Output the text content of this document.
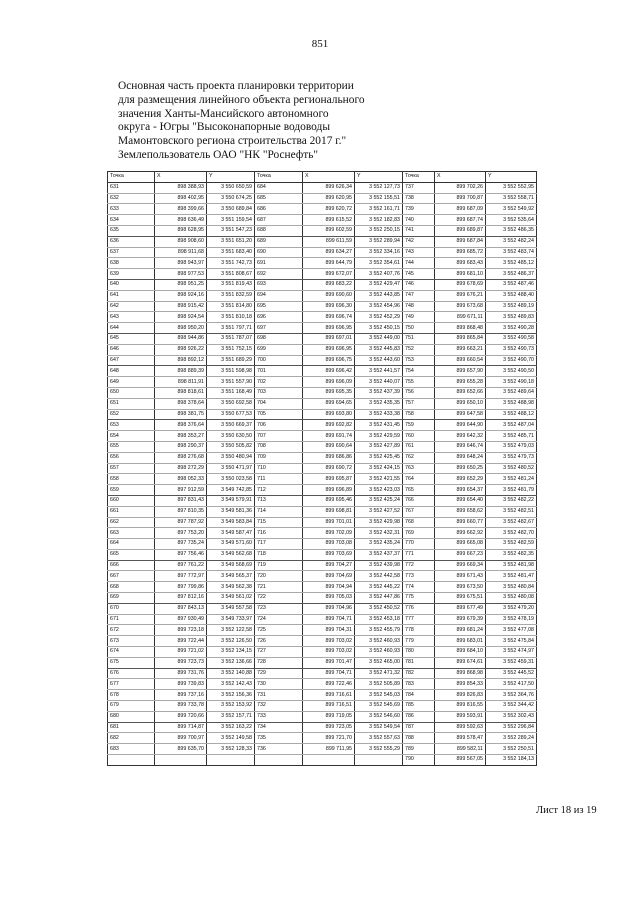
851
Основная часть проекта планировки территории
для размещения линейного объекта регионального
значения Ханты-Мансийского автономного
округа - Югры "Высоконапорные водоводы
Мамонтовского региона строительства 2017 г."
Землепользователь ОАО "НК "Роснефть"
Точка	X	Y	Точка	X	Y	Точка	X	Y
631	898 388,93	3 550 650,59	684	899 626,34	3 552 127,73	737	899 702,26	3 552 552,95
632	898 402,95	3 550 674,25	685	899 620,95	3 552 155,51	738	899 700,87	3 552 558,71
633	898 399,66	3 550 689,84	686	899 620,72	3 552 161,71	739	899 687,09	3 552 549,92
634	898 636,49	3 551 159,54	687	899 615,52	3 552 182,83	740	899 687,74	3 552 535,64
635	898 628,95	3 551 547,23	688	899 602,59	3 552 250,15	741	899 689,87	3 552 486,35
636	898 908,60	3 551 651,20	689	899 611,59	3 552 289,94	742	899 687,84	3 552 482,24
637	898 911,68	3 551 683,40	690	899 634,27	3 552 334,16	743	899 685,72	3 552 483,74
638	898 943,97	3 551 742,73	691	899 644,79	3 552 354,61	744	899 683,43	3 552 485,12
639	898 977,53	3 551 808,67	692	899 672,07	3 552 407,76	745	899 681,10	3 552 486,37
640	898 951,25	3 551 819,43	693	899 683,22	3 552 429,47	746	899 678,69	3 552 487,46
641	898 924,16	3 551 832,59	694	899 690,60	3 552 443,85	747	899 676,21	3 552 488,40
642	898 915,42	3 551 814,80	695	899 696,30	3 552 454,96	748	899 673,68	3 552 489,19
643	898 924,54	3 551 810,18	696	899 696,74	3 552 452,29	749	899 671,11	3 552 489,83
644	898 950,20	3 551 797,71	697	899 696,95	3 552 450,15	750	899 868,48	3 552 490,28
645	898 944,86	3 551 787,07	698	899 697,01	3 552 449,00	751	899 865,84	3 552 490,58
646	898 926,22	3 551 752,15	699	899 696,95	3 552 445,83	752	899 663,21	3 552 490,73
647	898 892,12	3 551 689,29	700	899 696,75	3 552 443,60	753	899 660,54	3 552 490,70
648	898 889,39	3 551 598,98	701	899 696,42	3 552 441,57	754	899 657,90	3 552 490,50
649	898 811,91	3 551 557,90	702	899 696,09	3 552 440,07	755	899 655,28	3 552 490,18
650	898 818,61	3 551 168,49	703	899 695,35	3 552 437,39	756	899 652,66	3 552 489,64
651	898 378,64	3 550 692,58	704	899 694,65	3 552 435,35	757	899 650,10	3 552 488,98
652	898 381,75	3 550 677,53	705	899 693,80	3 552 433,38	758	899 647,58	3 552 488,12
653	898 376,64	3 550 669,37	706	899 692,82	3 552 431,45	759	899 644,90	3 552 487,04
654	898 353,27	3 550 630,50	707	899 691,74	3 552 429,59	760	899 642,32	3 552 485,71
655	898 290,37	3 550 505,82	708	899 690,64	3 552 427,89	761	899 646,74	3 552 479,03
656	898 276,68	3 550 480,94	709	899 686,86	3 552 425,45	762	899 648,24	3 552 479,73
657	898 272,29	3 550 471,97	710	899 690,72	3 552 424,15	763	899 650,25	3 552 480,52
658	898 052,33	3 550 023,58	711	899 695,87	3 552 421,55	764	899 652,29	3 552 481,24
659	897 912,59	3 549 742,85	712	899 696,89	3 552 423,03	765	899 654,37	3 552 481,79
660	897 831,43	3 549 579,91	713	899 695,46	3 552 425,24	766	899 654,40	3 552 482,22
661	897 810,35	3 549 581,36	714	899 698,81	3 552 427,52	767	899 658,62	3 552 482,51
662	897 787,92	3 549 583,84	715	899 701,01	3 552 429,98	768	899 660,77	3 552 482,67
663	897 753,20	3 549 587,47	716	899 702,09	3 552 432,31	769	899 662,92	3 552 482,70
664	897 735,24	3 549 571,60	717	899 703,08	3 552 435,24	770	899 665,08	3 552 482,59
665	897 756,46	3 549 562,68	718	899 703,69	3 552 437,37	771	899 667,23	3 552 482,35
666	897 761,22	3 549 568,69	719	899 704,27	3 552 439,98	772	899 669,34	3 552 481,98
667	897 772,97	3 549 565,37	720	899 704,69	3 552 442,58	773	899 671,43	3 552 481,47
668	897 799,86	3 549 562,38	721	899 704,94	3 552 445,22	774	899 673,50	3 552 480,84
669	897 812,16	3 549 561,02	722	899 705,03	3 552 447,86	775	899 675,51	3 552 480,08
670	897 843,13	3 549 557,58	723	899 704,96	3 552 450,52	776	899 677,49	3 552 479,20
671	897 930,49	3 549 733,97	724	899 704,71	3 552 453,18	777	899 679,39	3 552 478,19
672	899 723,18	3 552 122,58	725	899 704,31	3 552 455,79	778	899 681,24	3 552 477,08
673	899 722,44	3 552 126,50	726	899 703,02	3 552 460,93	779	899 683,01	3 552 475,84
674	899 721,02	3 552 134,15	727	899 703,02	3 552 460,93	780	899 684,10	3 552 474,97
675	899 723,73	3 552 136,66	728	899 701,47	3 552 465,00	781	899 674,61	3 552 459,31
676	899 731,76	3 552 140,88	729	899 704,71	3 552 471,32	782	899 868,98	3 552 445,52
677	899 739,83	3 552 142,43	730	899 722,46	3 552 505,89	783	899 854,33	3 552 417,50
678	899 737,16	3 552 156,36	731	899 716,61	3 552 545,03	784	899 826,83	3 552 364,76
679	899 733,78	3 552 153,92	732	899 716,51	3 552 545,69	785	899 816,55	3 552 344,42
680	899 720,66	3 552 157,71	733	899 719,05	3 552 546,60	786	899 593,91	3 552 302,43
681	899 714,87	3 552 163,22	734	899 723,05	3 552 549,54	787	899 592,63	3 552 296,84
682	899 700,97	3 552 149,58	735	899 721,70	3 552 557,63	788	899 578,47	3 552 289,24
683	899 635,70	3 552 128,33	736	899 711,95	3 552 555,29	789	899 582,11	3 552 250,51
						790	899 567,05	3 552 184,13
Лист 18 из 19
